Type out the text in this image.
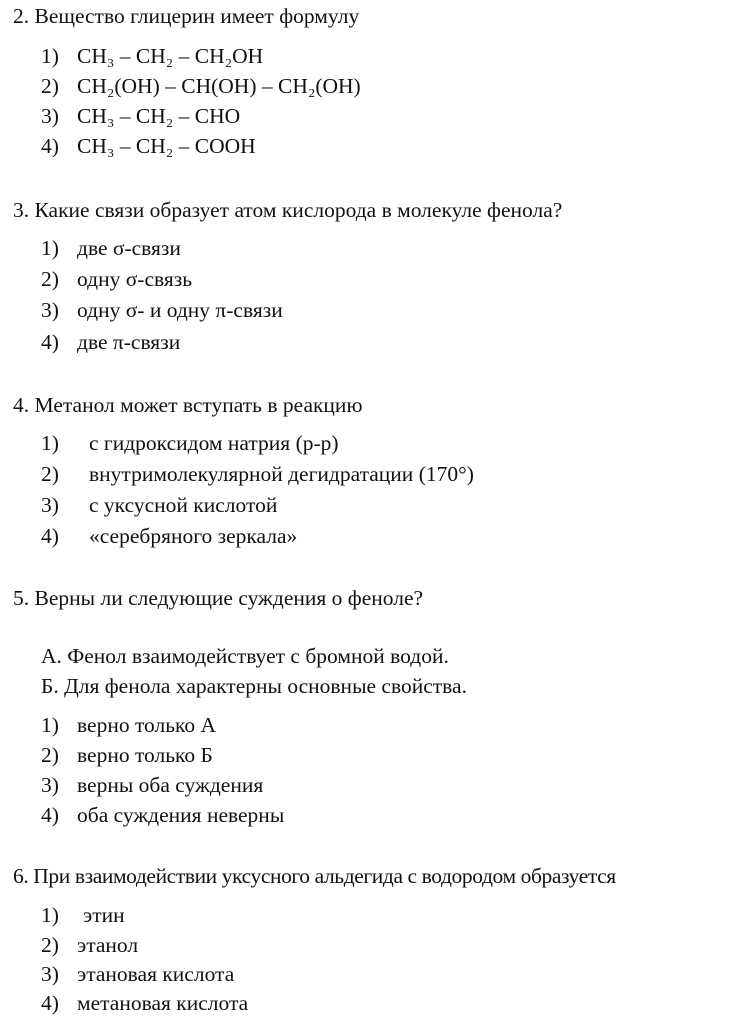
2. Вещество глицерин имеет формулу
1) CH₃ – CH₂ – CH₂OH
2) CH₂(OH) – CH(OH) – CH₂(OH)
3) CH₃ – CH₂ – CHO
4) CH₃ – CH₂ – COOH
3. Какие связи образует атом кислорода в молекуле фенола?
1) две σ-связи
2) одну σ-связь
3) одну σ- и одну π-связи
4) две π-связи
4. Метанол может вступать в реакцию
1) с гидроксидом натрия (р-р)
2) внутримолекулярной дегидратации (170°)
3) с уксусной кислотой
4) «серебряного зеркала»
5. Верны ли следующие суждения о феноле?
А. Фенол взаимодействует с бромной водой.
Б. Для фенола характерны основные свойства.
1) верно только А
2) верно только Б
3) верны оба суждения
4) оба суждения неверны
6. При взаимодействии уксусного альдегида с водородом образуется
1) этин
2) этанол
3) этановая кислота
4) метановая кислота
